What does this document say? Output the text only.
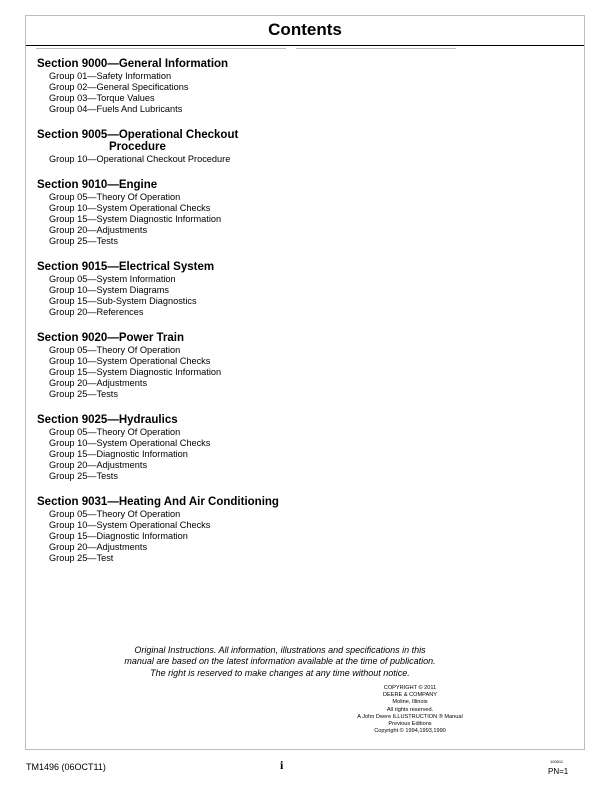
Contents
Section 9000—General Information
Group 01—Safety Information
Group 02—General Specifications
Group 03—Torque Values
Group 04—Fuels And Lubricants
Section 9005—Operational Checkout
Procedure
Group 10—Operational Checkout Procedure
Section 9010—Engine
Group 05—Theory Of Operation
Group 10—System Operational Checks
Group 15—System Diagnostic Information
Group 20—Adjustments
Group 25—Tests
Section 9015—Electrical System
Group 05—System Information
Group 10—System Diagrams
Group 15—Sub-System Diagnostics
Group 20—References
Section 9020—Power Train
Group 05—Theory Of Operation
Group 10—System Operational Checks
Group 15—System Diagnostic Information
Group 20—Adjustments
Group 25—Tests
Section 9025—Hydraulics
Group 05—Theory Of Operation
Group 10—System Operational Checks
Group 15—Diagnostic Information
Group 20—Adjustments
Group 25—Tests
Section 9031—Heating And Air Conditioning
Group 05—Theory Of Operation
Group 10—System Operational Checks
Group 15—Diagnostic Information
Group 20—Adjustments
Group 25—Test
Original Instructions. All information, illustrations and specifications in this
manual are based on the latest information available at the time of publication.
The right is reserved to make changes at any time without notice.
COPYRIGHT © 2011
DEERE & COMPANY
Moline, Illinois
All rights reserved.
A John Deere ILLUSTRUCTION ® Manual
Previous Editions
Copyright © 1994,1993,1990
TM1496 (06OCT11)	i	100611
PN=1
